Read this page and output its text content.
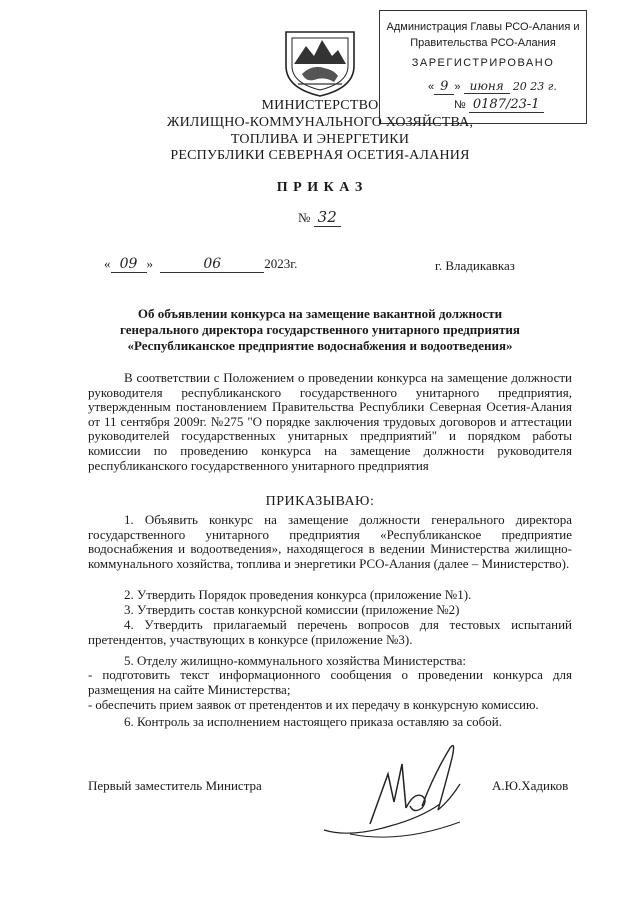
Администрация Главы РСО-Алания и
Правительства РСО-Алания
ЗАРЕГИСТРИРОВАНО
« 9 » июня 20 23 г.
№ 0187/23-1
МИНИСТЕРСТВО
ЖИЛИЩНО-КОММУНАЛЬНОГО ХОЗЯЙСТВА,
ТОПЛИВА И ЭНЕРГЕТИКИ
РЕСПУБЛИКИ СЕВЕРНАЯ ОСЕТИЯ-АЛАНИЯ
П Р И К А З
№ 32
« 09 »	06	2023г.	г. Владикавказ
Об объявлении конкурса на замещение вакантной должности
генерального директора государственного унитарного предприятия
«Республиканское предприятие водоснабжения и водоотведения»
В соответствии с Положением о проведении конкурса на замещение должности руководителя республиканского государственного унитарного предприятия, утвержденным постановлением Правительства Республики Северная Осетия-Алания от 11 сентября 2009г. №275 "О порядке заключения трудовых договоров и аттестации руководителей государственных унитарных предприятий" и порядком работы комиссии по проведению конкурса на замещение должности руководителя республиканского государственного унитарного предприятия
ПРИКАЗЫВАЮ:
1. Объявить конкурс на замещение должности генерального директора государственного унитарного предприятия «Республиканское предприятие водоснабжения и водоотведения», находящегося в ведении Министерства жилищно-коммунального хозяйства, топлива и энергетики РСО-Алания (далее – Министерство).
2. Утвердить Порядок проведения конкурса (приложение №1).
3. Утвердить состав конкурсной комиссии (приложение №2)
4. Утвердить прилагаемый перечень вопросов для тестовых испытаний претендентов, участвующих в конкурсе (приложение №3).
5. Отделу жилищно-коммунального хозяйства Министерства:
- подготовить текст информационного сообщения о проведении конкурса для размещения на сайте Министерства;
- обеспечить прием заявок от претендентов и их передачу в конкурсную комиссию.
6. Контроль за исполнением настоящего приказа оставляю за собой.
Первый заместитель Министра	А.Ю.Хадиков
